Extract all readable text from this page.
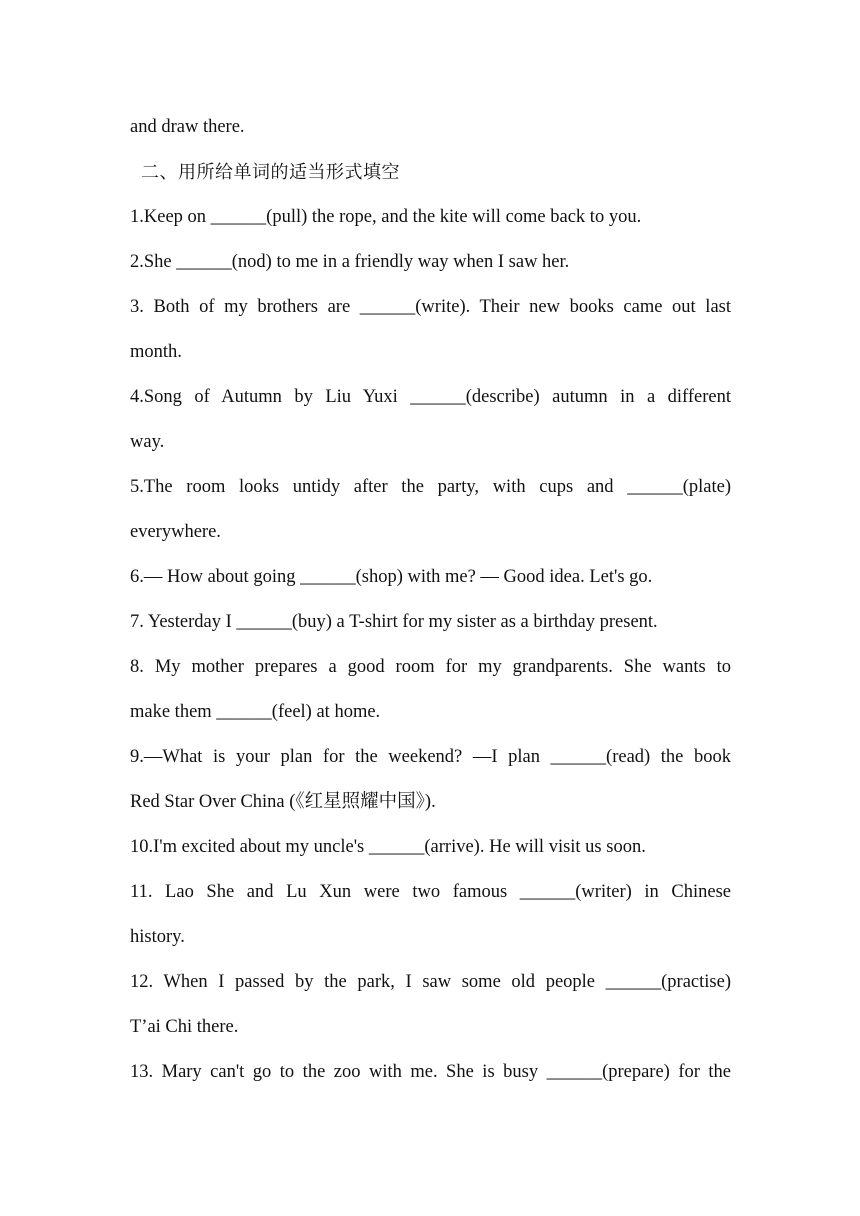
and draw there.
二、用所给单词的适当形式填空
1.Keep on ______(pull) the rope, and the kite will come back to you.
2.She ______(nod) to me in a friendly way when I saw her.
3. Both of my brothers are ______(write). Their new books came out last
month.
4.Song of Autumn by Liu Yuxi ______(describe) autumn in a different
way.
5.The room looks untidy after the party, with cups and ______(plate)
everywhere.
6.— How about going ______(shop) with me? — Good idea. Let's go.
7. Yesterday I ______(buy) a T-shirt for my sister as a birthday present.
8. My mother prepares a good room for my grandparents. She wants to
make them ______(feel) at home.
9.—What is your plan for the weekend? —I plan ______(read) the book
Red Star Over China (《红星照耀中国》).
10.I'm excited about my uncle's ______(arrive). He will visit us soon.
11. Lao She and Lu Xun were two famous ______(writer) in Chinese
history.
12. When I passed by the park, I saw some old people ______(practise)
T’ai Chi there.
13. Mary can't go to the zoo with me. She is busy ______(prepare) for the
